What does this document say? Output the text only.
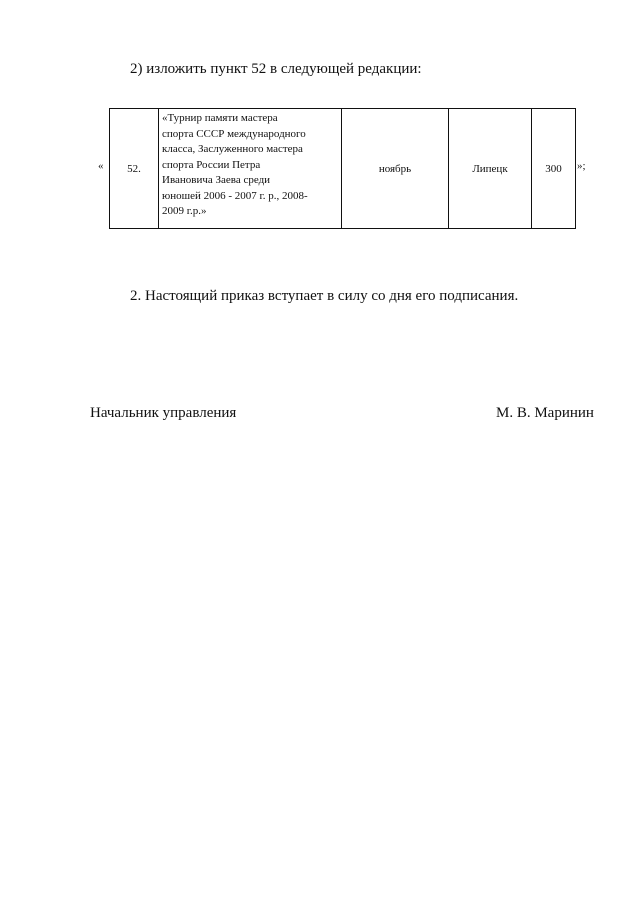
2) изложить пункт 52 в следующей редакции:

« 52.	«Турнир памяти мастера
спорта СССР международного
класса, Заслуженного мастера
спорта России Петра
Ивановича Заева среди
юношей 2006 - 2007 г. р., 2008-
2009 г.р.»	ноябрь	Липецк	300 »;

2. Настоящий приказ вступает в силу со дня его подписания.

Начальник управления	М. В. Маринин
